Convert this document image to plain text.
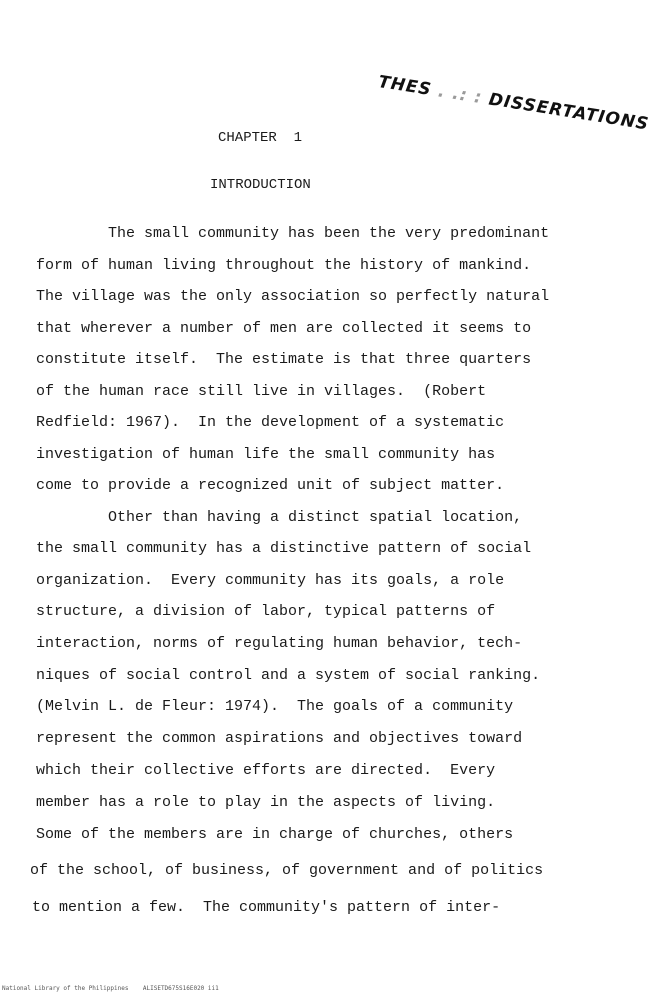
THES . .: : DISSERTATIONS
CHAPTER  1
INTRODUCTION
The small community has been the very predominant
form of human living throughout the history of mankind.
The village was the only association so perfectly natural
that wherever a number of men are collected it seems to
constitute itself.  The estimate is that three quarters
of the human race still live in villages.  (Robert
Redfield: 1967).  In the development of a systematic
investigation of human life the small community has
come to provide a recognized unit of subject matter.
Other than having a distinct spatial location,
the small community has a distinctive pattern of social
organization.  Every community has its goals, a role
structure, a division of labor, typical patterns of
interaction, norms of regulating human behavior, tech-
niques of social control and a system of social ranking.
(Melvin L. de Fleur: 1974).  The goals of a community
represent the common aspirations and objectives toward
which their collective efforts are directed.  Every
member has a role to play in the aspects of living.
Some of the members are in charge of churches, others
of the school, of business, of government and of politics
to mention a few.  The community's pattern of inter-
National Library of the Philippines    ALISETD675S16E020 ii1
